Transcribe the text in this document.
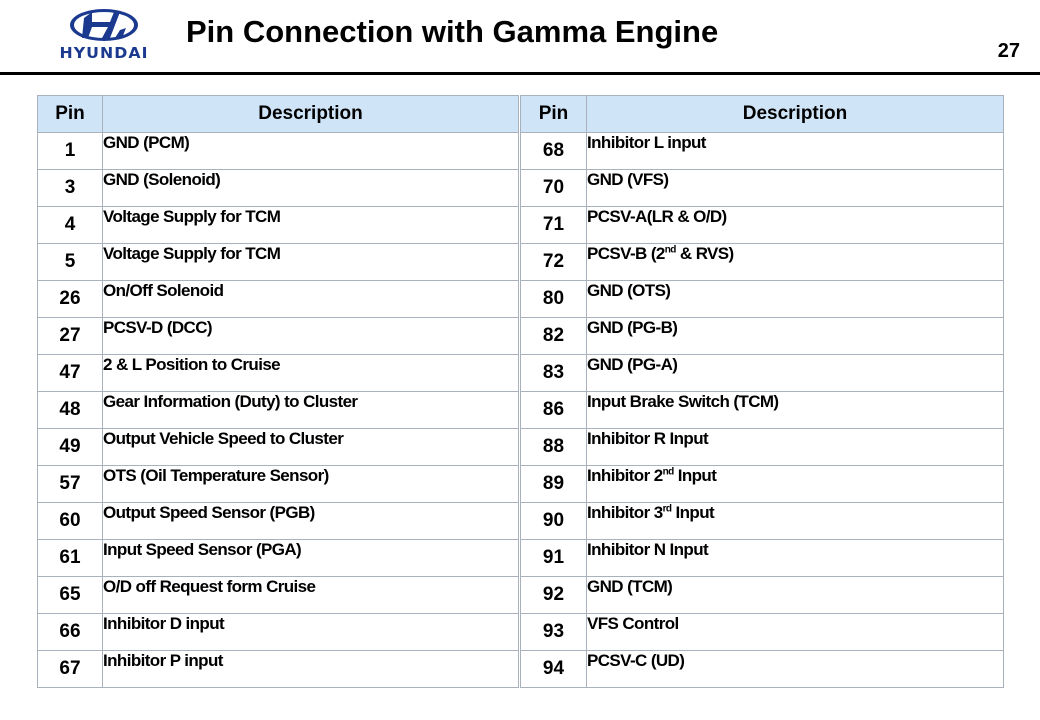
HYUNDAI
Pin Connection with Gamma Engine
27
Pin	Description
1	GND (PCM)
3	GND (Solenoid)
4	Voltage Supply for TCM
5	Voltage Supply for TCM
26	On/Off Solenoid
27	PCSV-D (DCC)
47	2 & L Position to Cruise
48	Gear Information (Duty) to Cluster
49	Output Vehicle Speed to Cluster
57	OTS (Oil Temperature Sensor)
60	Output Speed Sensor (PGB)
61	Input Speed Sensor (PGA)
65	O/D off Request form Cruise
66	Inhibitor D input
67	Inhibitor P input
Pin	Description
68	Inhibitor L input
70	GND (VFS)
71	PCSV-A(LR & O/D)
72	PCSV-B (2nd & RVS)
80	GND (OTS)
82	GND (PG-B)
83	GND (PG-A)
86	Input Brake Switch (TCM)
88	Inhibitor R Input
89	Inhibitor 2nd Input
90	Inhibitor 3rd Input
91	Inhibitor N Input
92	GND (TCM)
93	VFS Control
94	PCSV-C (UD)
